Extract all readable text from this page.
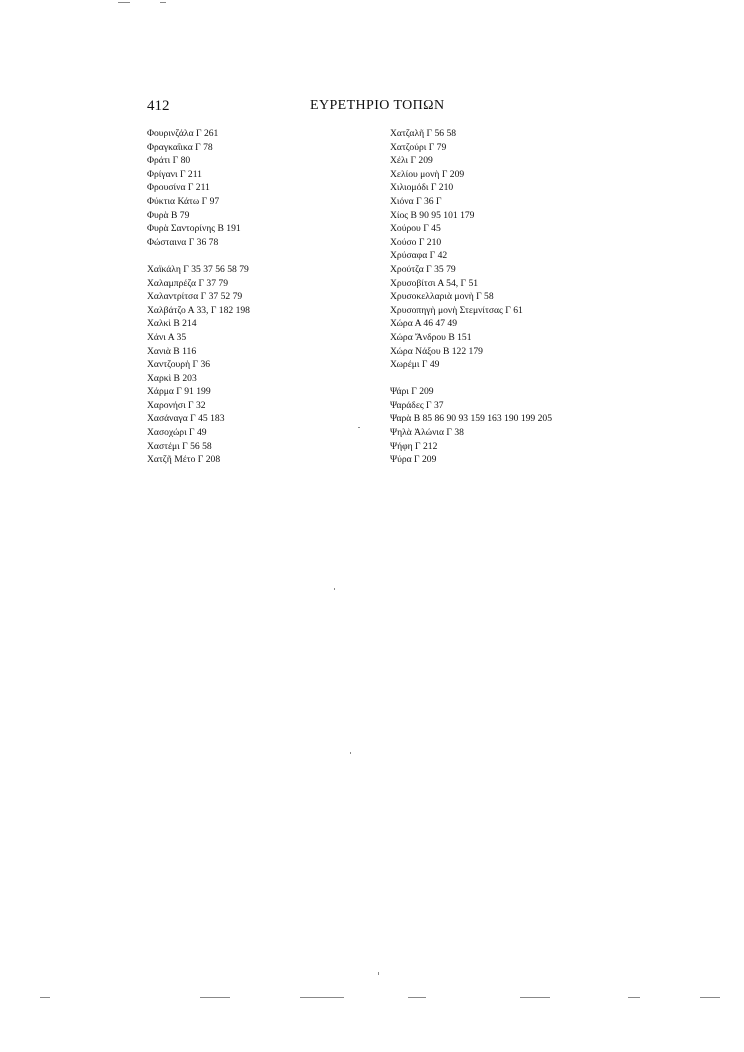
412	ΕΥΡΕΤΗΡΙΟ ΤΟΠΩΝ
Φουρινζάλα Γ 261
Φραγκαΐικα Γ 78
Φράτι Γ 80
Φρίγανι Γ 211
Φρουσίνα Γ 211
Φύκτια Κάτω Γ 97
Φυρὰ Β 79
Φυρὰ Σαντορίνης Β 191
Φώσταινα Γ 36 78
Χαϊκάλη Γ 35 37 56 58 79
Χαλαμπρέζα Γ 37 79
Χαλαντρίτσα Γ 37 52 79
Χαλβάτζο Α 33, Γ 182 198
Χαλκὶ Β 214
Χάνι Α 35
Χανιὰ Β 116
Χαντζουρὴ Γ 36
Χαρκὶ Β 203
Χάρμα Γ 91 199
Χαρονήσι Γ 32
Χασάναγα Γ 45 183
Χασοχώρι Γ 49
Χαστέμι Γ 56 58
Χατζῆ Μέτο Γ 208
Χατζαλῆ Γ 56 58
Χατζούρι Γ 79
Χέλι Γ 209
Χελίου μονὴ Γ 209
Χιλιομόδι Γ 210
Χιόνα Γ 36 Γ
Χίος Β 90 95 101 179
Χούρου Γ 45
Χούσο Γ 210
Χρύσαφα Γ 42
Χρούτζα Γ 35 79
Χρυσοβίτσι Α 54, Γ 51
Χρυσοκελλαριὰ μονὴ Γ 58
Χρυσοπηγὴ μονὴ Στεμνίτσας Γ 61
Χώρα Α 46 47 49
Χώρα Ἄνδρου Β 151
Χώρα Νάξου Β 122 179
Χωρέμι Γ 49
Ψάρι Γ 209
Ψαράδες Γ 37
Ψαρὰ Β 85 86 90 93 159 163 190 199 205
Ψηλὰ Ἀλώνια Γ 38
Ψήφη Γ 212
Ψύρα Γ 209
